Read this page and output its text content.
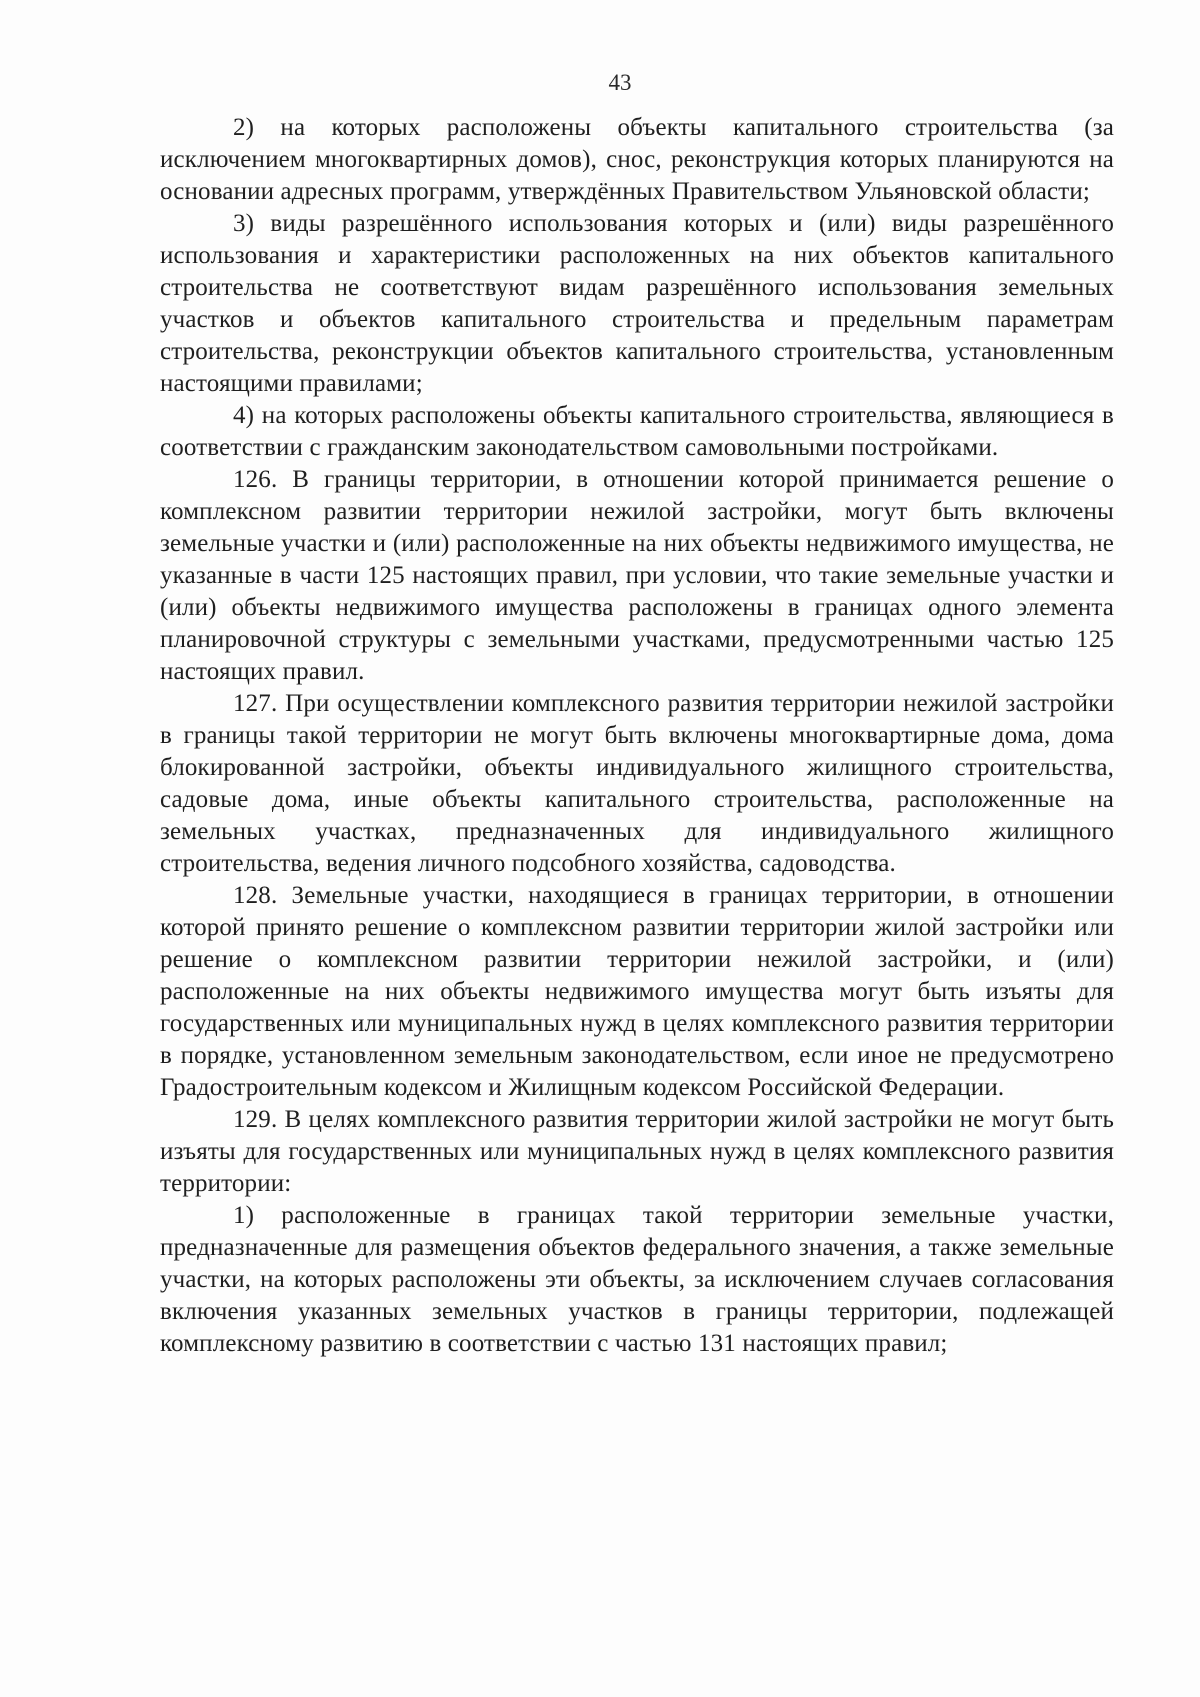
43

2) на которых расположены объекты капитального строительства (за исключением многоквартирных домов), снос, реконструкция которых планируются на основании адресных программ, утверждённых Правительством Ульяновской области;

3) виды разрешённого использования которых и (или) виды разрешённого использования и характеристики расположенных на них объектов капитального строительства не соответствуют видам разрешённого использования земельных участков и объектов капитального строительства и предельным параметрам строительства, реконструкции объектов капитального строительства, установленным настоящими правилами;

4) на которых расположены объекты капитального строительства, являющиеся в соответствии с гражданским законодательством самовольными постройками.

126. В границы территории, в отношении которой принимается решение о комплексном развитии территории нежилой застройки, могут быть включены земельные участки и (или) расположенные на них объекты недвижимого имущества, не указанные в части 125 настоящих правил, при условии, что такие земельные участки и (или) объекты недвижимого имущества расположены в границах одного элемента планировочной структуры с земельными участками, предусмотренными частью 125 настоящих правил.

127. При осуществлении комплексного развития территории нежилой застройки в границы такой территории не могут быть включены многоквартирные дома, дома блокированной застройки, объекты индивидуального жилищного строительства, садовые дома, иные объекты капитального строительства, расположенные на земельных участках, предназначенных для индивидуального жилищного строительства, ведения личного подсобного хозяйства, садоводства.

128. Земельные участки, находящиеся в границах территории, в отношении которой принято решение о комплексном развитии территории жилой застройки или решение о комплексном развитии территории нежилой застройки, и (или) расположенные на них объекты недвижимого имущества могут быть изъяты для государственных или муниципальных нужд в целях комплексного развития территории в порядке, установленном земельным законодательством, если иное не предусмотрено Градостроительным кодексом и Жилищным кодексом Российской Федерации.

129. В целях комплексного развития территории жилой застройки не могут быть изъяты для государственных или муниципальных нужд в целях комплексного развития территории:

1) расположенные в границах такой территории земельные участки, предназначенные для размещения объектов федерального значения, а также земельные участки, на которых расположены эти объекты, за исключением случаев согласования включения указанных земельных участков в границы территории, подлежащей комплексному развитию в соответствии с частью 131 настоящих правил;
